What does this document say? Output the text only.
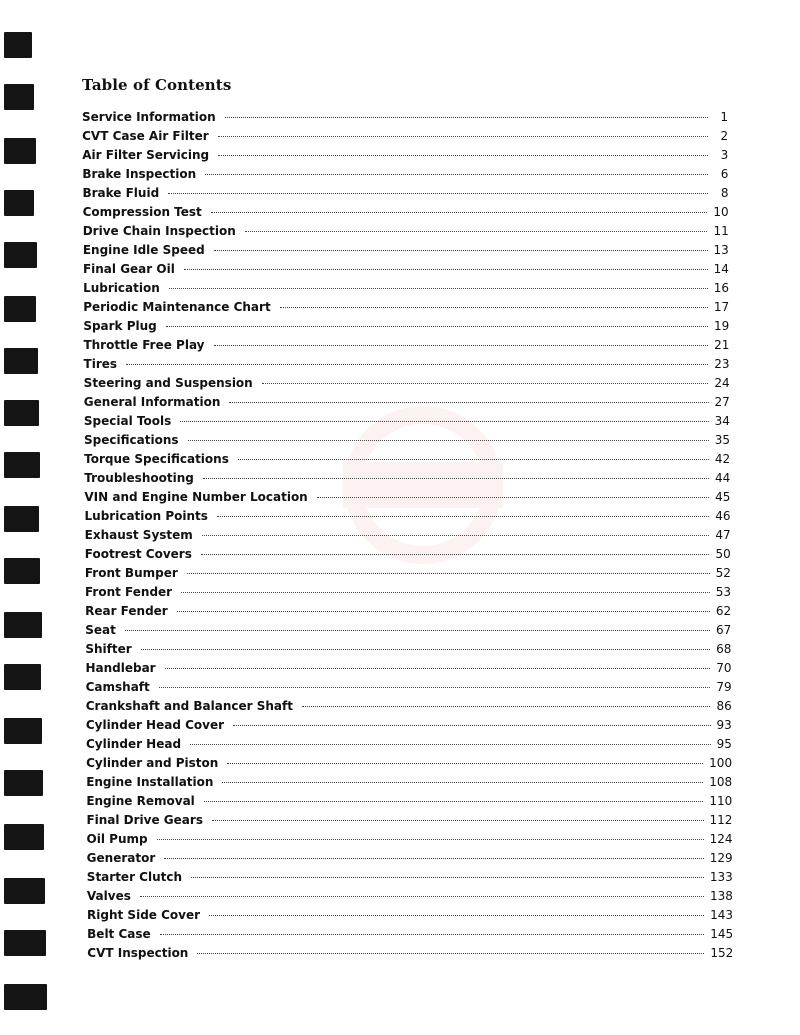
Table of Contents
Service Information	1
CVT Case Air Filter	2
Air Filter Servicing	3
Brake Inspection	6
Brake Fluid	8
Compression Test	10
Drive Chain Inspection	11
Engine Idle Speed	13
Final Gear Oil	14
Lubrication	16
Periodic Maintenance Chart	17
Spark Plug	19
Throttle Free Play	21
Tires	23
Steering and Suspension	24
General Information	27
Special Tools	34
Specifications	35
Torque Specifications	42
Troubleshooting	44
VIN and Engine Number Location	45
Lubrication Points	46
Exhaust System	47
Footrest Covers	50
Front Bumper	52
Front Fender	53
Rear Fender	62
Seat	67
Shifter	68
Handlebar	70
Camshaft	79
Crankshaft and Balancer Shaft	86
Cylinder Head Cover	93
Cylinder Head	95
Cylinder and Piston	100
Engine Installation	108
Engine Removal	110
Final Drive Gears	112
Oil Pump	124
Generator	129
Starter Clutch	133
Valves	138
Right Side Cover	143
Belt Case	145
CVT Inspection	152
